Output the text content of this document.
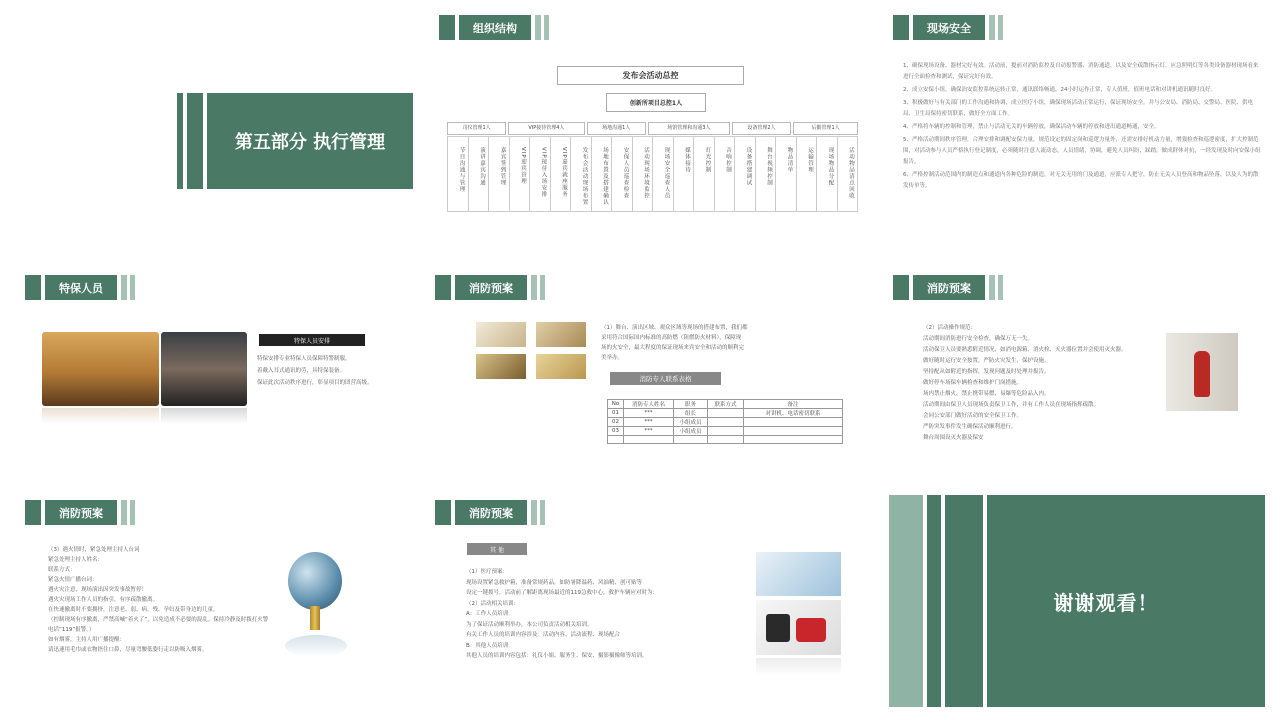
第五部分 执行管理
组织结构
发布会活动总控
创新所项目总控1人
司仪管理1人	VIP接待管理4人	场地沟通1人	场馆管理和沟通3人	设备管理2人	后勤管理1人
节目沟通与管理	演讲嘉宾沟通	嘉宾签到管理	VIP迎宾管理	VIP接待入场安排	VIP嘉宾就座服务	发布会活动现场布置	场地布置及搭建确认	安保人员巡查检查	活动现场环境监控	现场安全巡查人员	媒体接待	灯光控制	音响控制	设备搭建调试	舞台视频控制	物品清单	运输管理	现场物品分配	活动物品清点回收
现场安全

1、确保现场设备、器材完好有效。活动前，提前对消防监控及自动报警器、消防通道，以及安全疏散指示灯、应急照明灯等各类设备器材现场看来进行全面检查和测试，保证完好有效。

2、成立安保小组，确保治安监控系统运转正常，通讯联络畅通，24小时运作正常，专人值班，值班电话和对讲机通讯随时良好。

3、积极做好与有关部门的工作沟通和协调，成立医疗小组，确保现场活动正常运行，保证现场安全。并与公安局、消防局、交警局、医院、供电局、卫生局保持密切联系，做好全方面工作。

4、严格将车辆的控制和管理，禁止与活动无关的车辆停放，确保活动车辆的停放和进出通道畅通，安全。

5、严格活动期间秩序管理，合理安排和调配安保力量，规范设定的固定岗和巡逻力量外，还需安排好机动力量，增强检查和巡逻密度，扩大控制范围，对活动参与人员严格执行登记制度，必须随时注意人流动态，人员情绪，协调，避免人员纠纷，踩踏，做成群体对抗，一经发现及时向安保小组报告。

6、严格控制活动范围内的制造点和通道内各种危险的制造，对无关无用的门及通道，应派专人把守，防止无关人员登高和物品坠落，以及人为的散发传单等。

特保人员
特保人员安排

特保安排专业特保人员保障特警制服，

着戴入耳式通讯的劳，具特保装备。

保证此次活动秩序进行，彰显项目的团营高级。

消防预案

（1）舞台、演出区域、观众区域等现场的搭建布置，我们都

采用符合国际国内标准的高防燃（阻燃防火材料），保障现

场的火安全，最大程度的保证现场来宾安全和活动的顺利完

美举办。

消防专人联系表格
No	消防专人姓名	职务	联系方式	备注
01	***	组长		对讲机、电话密切联系
02	***	小组成员		
03	***	小组成员		

消防预案

（2）活动操作规范：

活动期间消防进行安全检查，确保万无一失。

活动保卫人员要熟悉附近情况，如消电源箱、消火栓、灭火器位置并会使用灭火器。

做好随时运行安全按置，严防火灾发生，保护设施。

坚持配从如附近的指挥，发现问题及时处理并报告。

做好停车场保车辆检查和维护门岗措施。

场内禁止烟火，禁止携带易燃、易爆等危险品入内。

活动期间由保卫人员现场负责保卫工作，并有工作人员在现场指挥疏散。

会同公安部门做好活动的安全保卫工作。

严防突发事件发生确保活动顺利进行。

舞台周围设灭火器及保安

消防预案

（3）遇火情时，紧急处理主持人台词

紧急处理主持人姓名：

联系方式：

紧急火情广播台词：

遇火灾注意，现场演出因突发事故暂停！

遇火灾现场工作人员的指引，有序疏散撤离。

在快速撤离时不要拥挤，注意老、弱、病、残、孕妇及带身边的儿童。

（控制现场有序撤离，严禁高喊“着火了”，以免造成不必要的混乱。保持冷静及时拨打火警电话“119”报警。）

如有烟雾，主持人用广播提醒：

请迅速用毛巾或衣物捂住口鼻，尽量弯腰低姿行走以防吸入烟雾。

消防预案
其 他

（1）医疗预案：

现场设置紧急救护箱，准备常规药品，如防暑降温药、风油精、创可贴等

设定一键拨号，活动前了解距离现场最近的119急救中心，救护车辆应对时为：

（2）活动相关培训：

A：工作人员培训

为了保证活动顺利举办，本公司负责活动相关培训。

有关工作人员的培训内容涉及：活动内容、活动流程、现场配合

B：其他人员培训

其他人员的培训内容包括：礼仪小姐、服务生、保安、摄影摄像师等培训。

谢谢观看！
